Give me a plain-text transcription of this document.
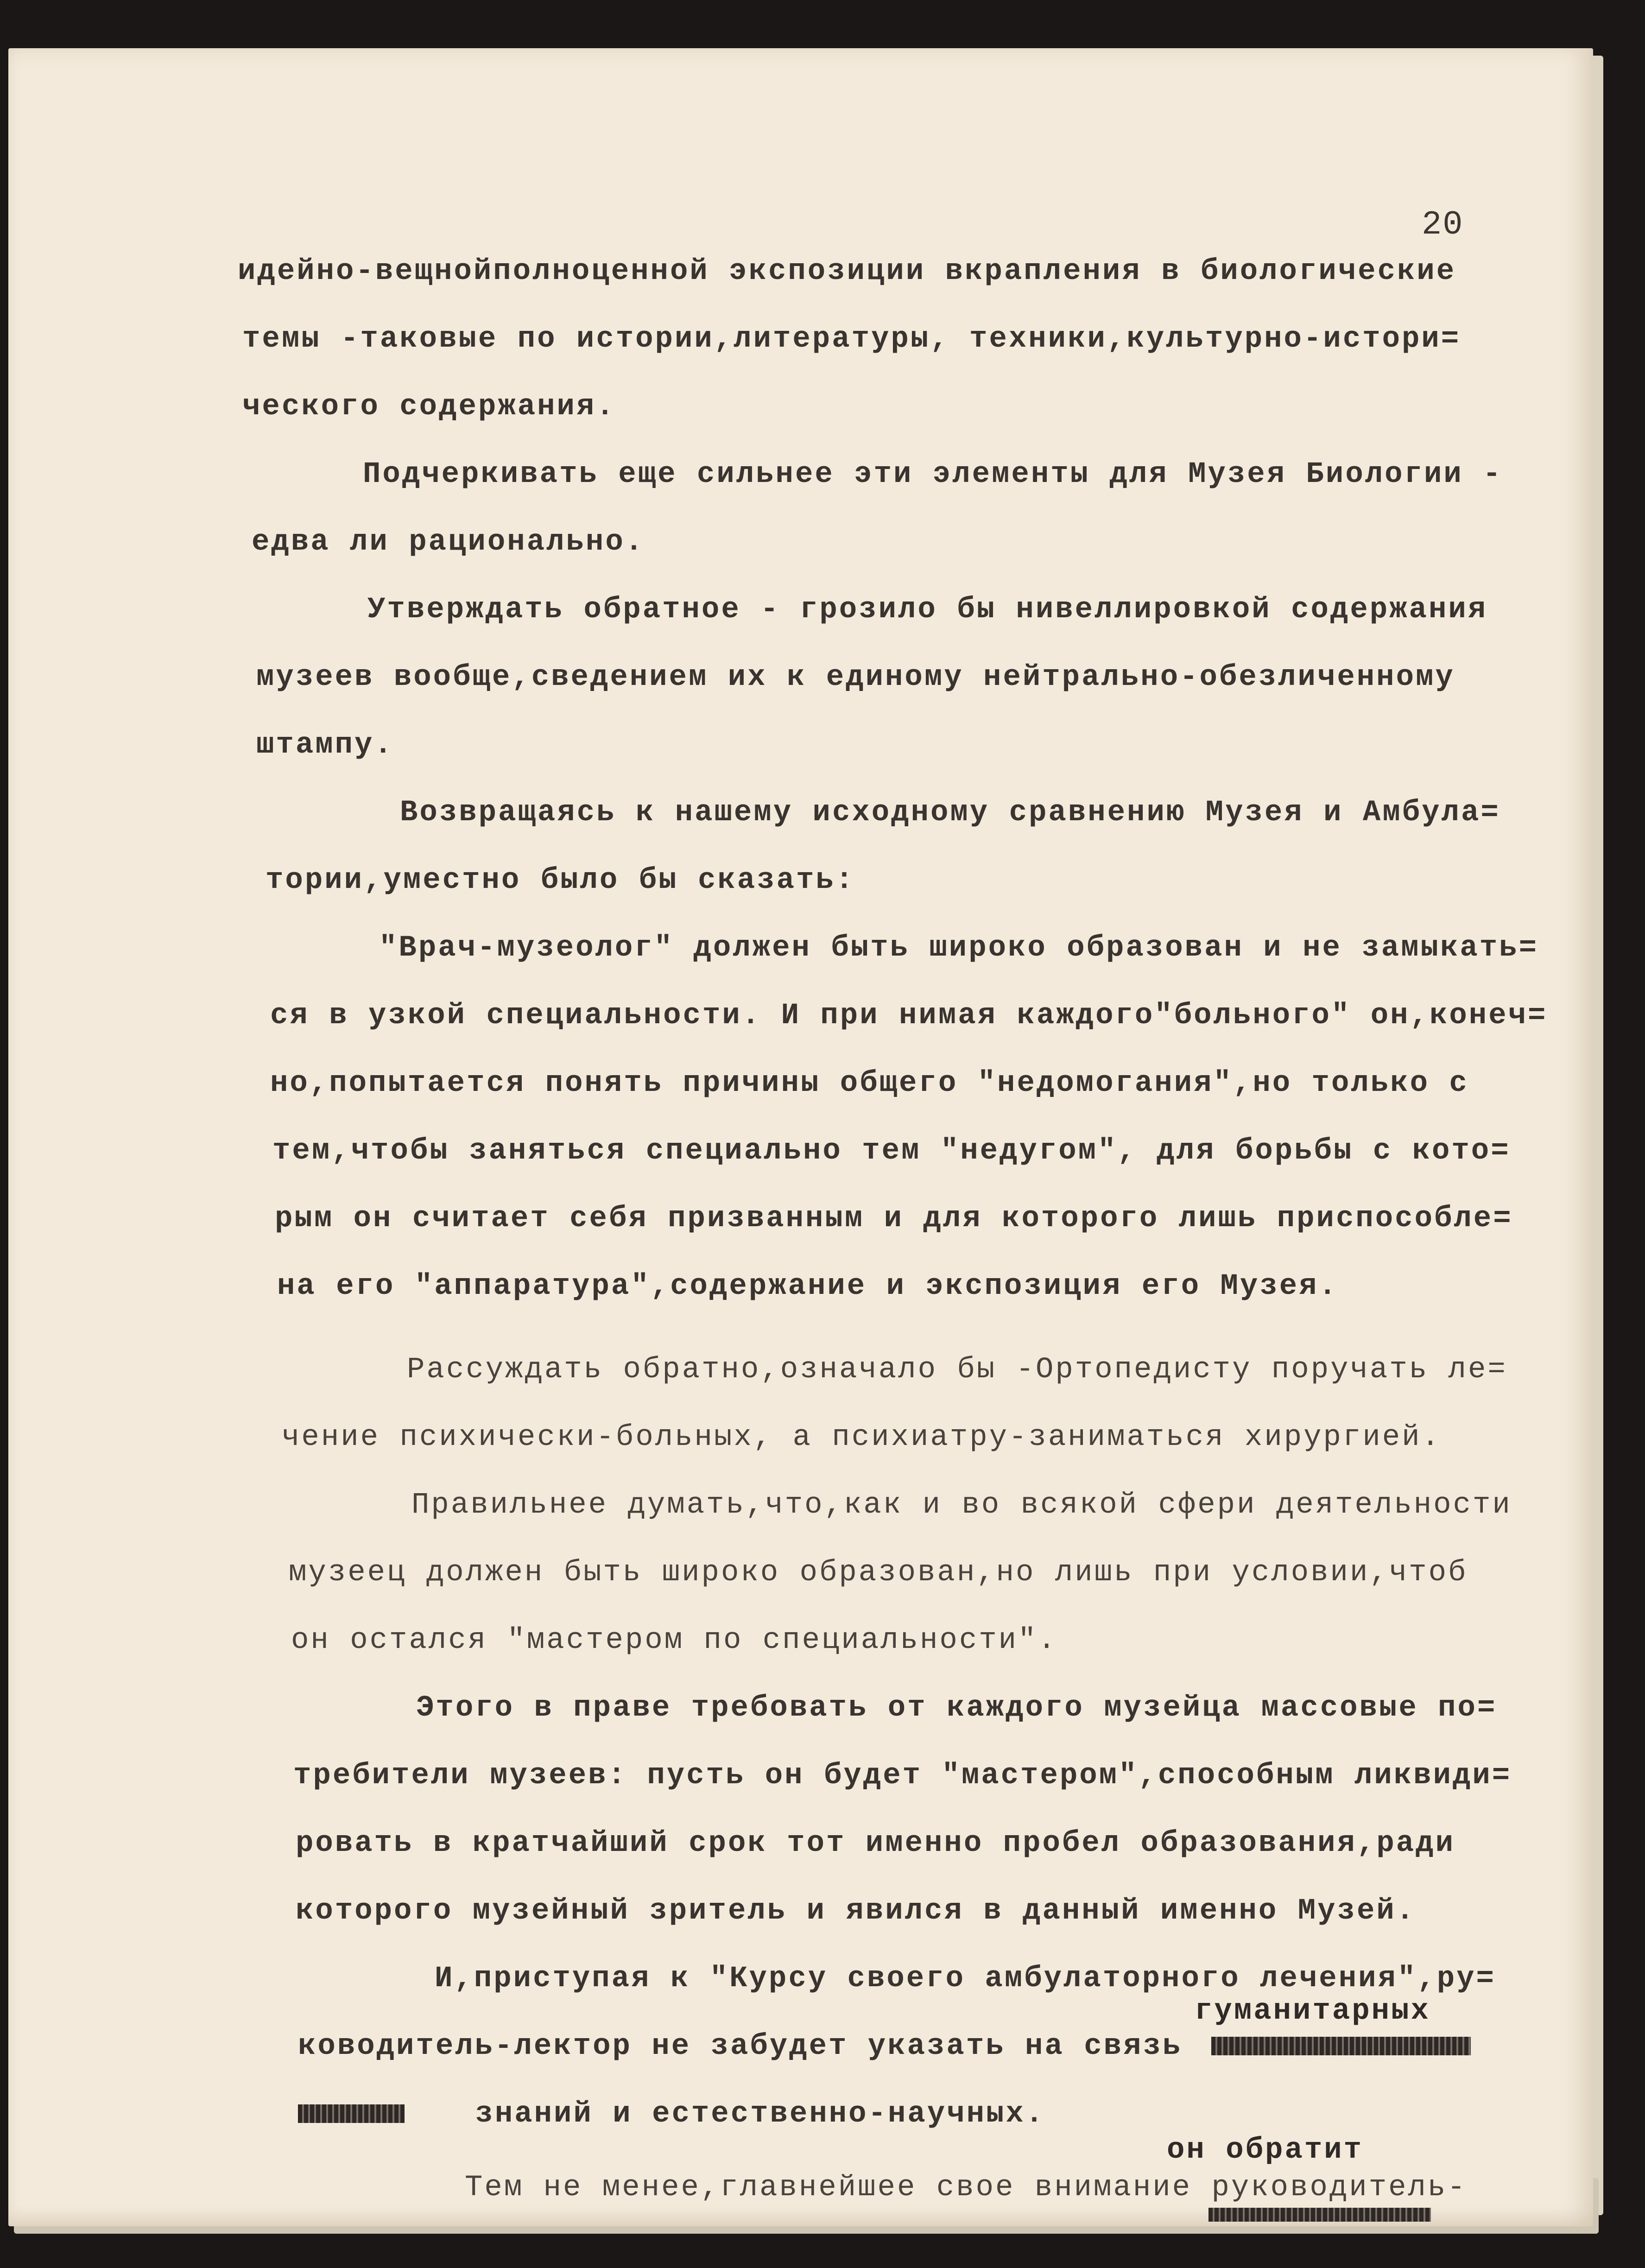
20
идейно-вещнойполноценной экспозиции вкрапления в биологические
темы -таковые по истории,литературы, техники,культурно-истори=
ческого содержания.
Подчеркивать еще сильнее эти элементы для Музея Биологии -
едва ли рационально.
Утверждать обратное - грозило бы нивеллировкой содержания
музеев вообще,сведением их к единому нейтрально-обезличенному
штампу.
Возвращаясь к нашему исходному сравнению Музея и Амбула=
тории,уместно было бы сказать:
"Врач-музеолог" должен быть широко образован и не замыкать=
ся в узкой специальности. И при нимая каждого"больного" он,конеч=
но,попытается понять причины общего "недомогания",но только с
тем,чтобы заняться специально тем "недугом", для борьбы с кото=
рым он считает себя призванным и для которого лишь приспособле=
на его "аппаратура",содержание и экспозиция его Музея.
Рассуждать обратно,означало бы -Ортопедисту поручать ле=
чение психически-больных, а психиатру-заниматься хирургией.
Правильнее думать,что,как и во всякой сфери деятельности
музеец должен быть широко образован,но лишь при условии,чтоб
он остался "мастером по специальности".
Этого в праве требовать от каждого музейца массовые по=
требители музеев: пусть он будет "мастером",способным ликвиди=
ровать в кратчайший срок тот именно пробел образования,ради
которого музейный зритель и явился в данный именно Музей.
И,приступая к "Курсу своего амбулаторного лечения",ру=
гуманитарных
ководитель-лектор не забудет указать на связь
знаний и естественно-научных.
он обратит
Тем не менее,главнейшее свое внимание руководитель-
